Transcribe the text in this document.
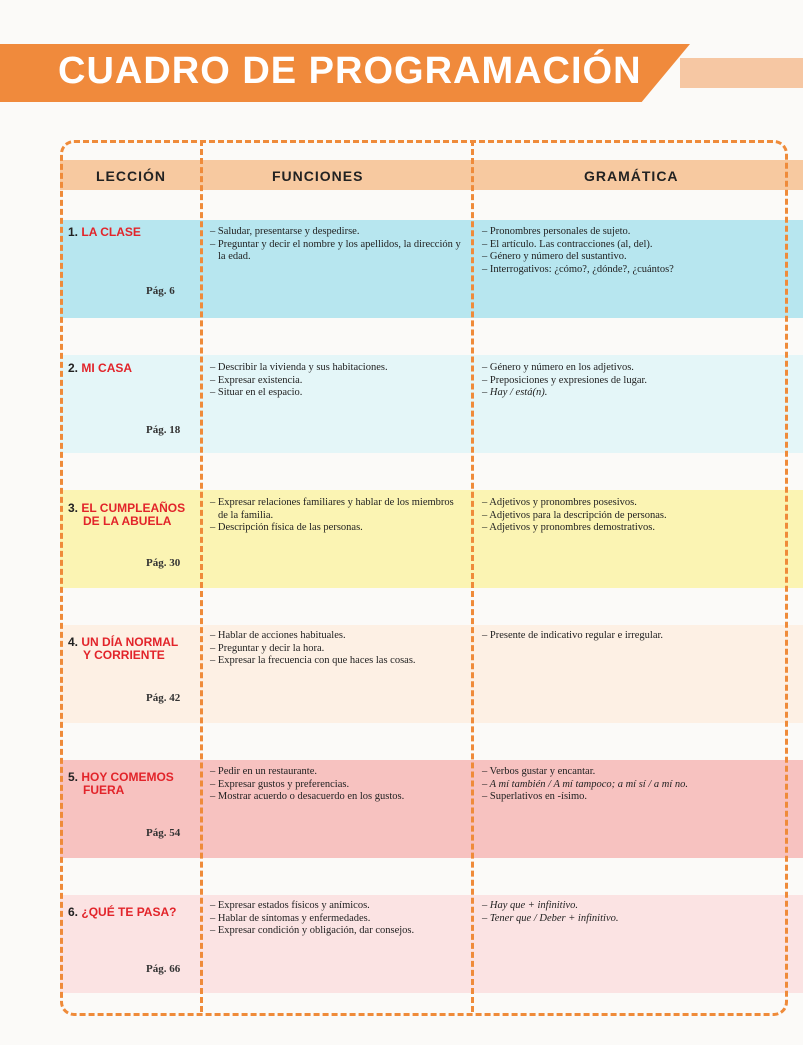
CUADRO DE PROGRAMACIÓN
LECCIÓN	FUNCIONES	GRAMÁTICA
1. LA CLASE
Pág. 6
– Saludar, presentarse y despedirse.
– Preguntar y decir el nombre y los apellidos, la dirección y la edad.
– Pronombres personales de sujeto.
– El artículo. Las contracciones (al, del).
– Género y número del sustantivo.
– Interrogativos: ¿cómo?, ¿dónde?, ¿cuántos?
2. MI CASA
Pág. 18
– Describir la vivienda y sus habitaciones.
– Expresar existencia.
– Situar en el espacio.
– Género y número en los adjetivos.
– Preposiciones y expresiones de lugar.
– Hay / está(n).
3. EL CUMPLEAÑOS
DE LA ABUELA
Pág. 30
– Expresar relaciones familiares y hablar de los miembros de la familia.
– Descripción física de las personas.
– Adjetivos y pronombres posesivos.
– Adjetivos para la descripción de personas.
– Adjetivos y pronombres demostrativos.
4. UN DÍA NORMAL
Y CORRIENTE
Pág. 42
– Hablar de acciones habituales.
– Preguntar y decir la hora.
– Expresar la frecuencia con que haces las cosas.
– Presente de indicativo regular e irregular.
5. HOY COMEMOS
FUERA
Pág. 54
– Pedir en un restaurante.
– Expresar gustos y preferencias.
– Mostrar acuerdo o desacuerdo en los gustos.
– Verbos gustar y encantar.
– A mí también / A mí tampoco; a mí sí / a mí no.
– Superlativos en -ísimo.
6. ¿QUÉ TE PASA?
Pág. 66
– Expresar estados físicos y anímicos.
– Hablar de síntomas y enfermedades.
– Expresar condición y obligación, dar consejos.
– Hay que + infinitivo.
– Tener que / Deber + infinitivo.
